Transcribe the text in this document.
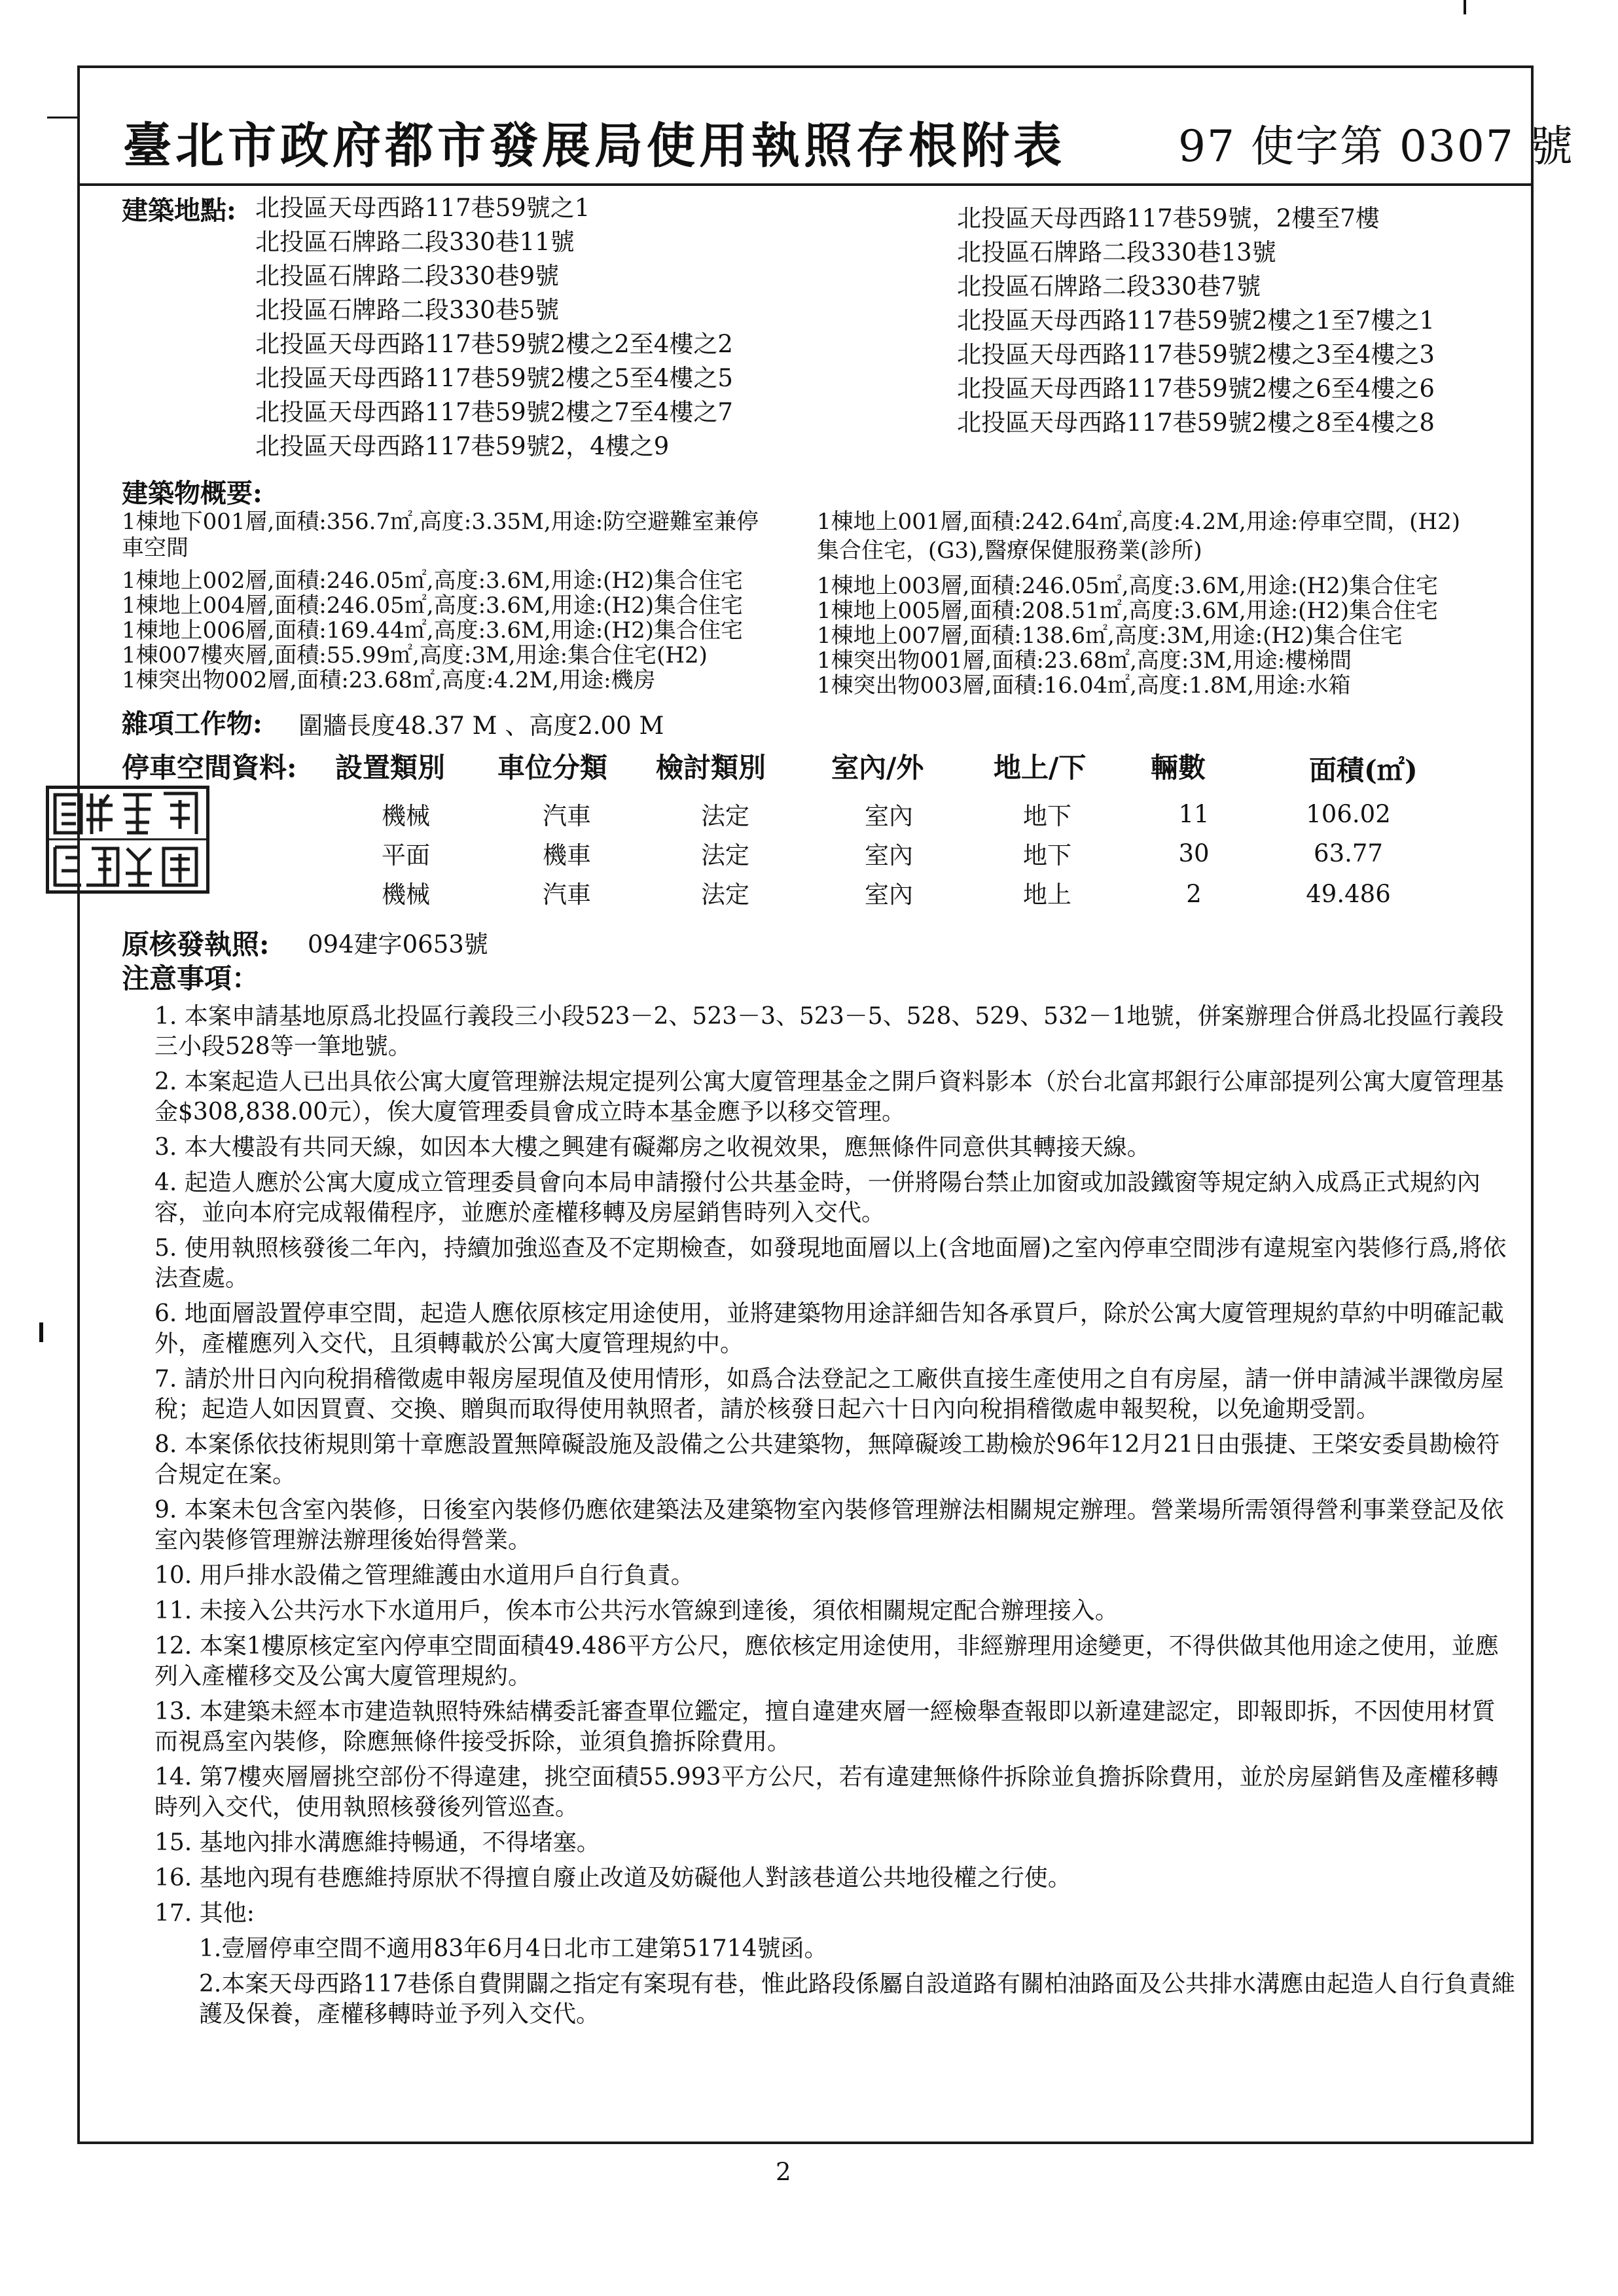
臺北市政府都市發展局使用執照存根附表	97 使字第 0307 號
建築地點: 北投區天母西路117巷59號之1
北投區石牌路二段330巷11號
北投區石牌路二段330巷9號
北投區石牌路二段330巷5號
北投區天母西路117巷59號2樓之2至4樓之2
北投區天母西路117巷59號2樓之5至4樓之5
北投區天母西路117巷59號2樓之7至4樓之7
北投區天母西路117巷59號2，4樓之9
北投區天母西路117巷59號，2樓至7樓
北投區石牌路二段330巷13號
北投區石牌路二段330巷7號
北投區天母西路117巷59號2樓之1至7樓之1
北投區天母西路117巷59號2樓之3至4樓之3
北投區天母西路117巷59號2樓之6至4樓之6
北投區天母西路117巷59號2樓之8至4樓之8
建築物概要:
1棟地下001層,面積:356.7㎡,高度:3.35M,用途:防空避難室兼停	1棟地上001層,面積:242.64㎡,高度:4.2M,用途:停車空間，(H2)
車空間	集合住宅，(G3),醫療保健服務業(診所)
1棟地上002層,面積:246.05㎡,高度:3.6M,用途:(H2)集合住宅
1棟地上004層,面積:246.05㎡,高度:3.6M,用途:(H2)集合住宅
1棟地上006層,面積:169.44㎡,高度:3.6M,用途:(H2)集合住宅
1棟007樓夾層,面積:55.99㎡,高度:3M,用途:集合住宅(H2)
1棟突出物002層,面積:23.68㎡,高度:4.2M,用途:機房
1棟地上003層,面積:246.05㎡,高度:3.6M,用途:(H2)集合住宅
1棟地上005層,面積:208.51㎡,高度:3.6M,用途:(H2)集合住宅
1棟地上007層,面積:138.6㎡,高度:3M,用途:(H2)集合住宅
1棟突出物001層,面積:23.68㎡,高度:3M,用途:樓梯間
1棟突出物003層,面積:16.04㎡,高度:1.8M,用途:水箱
雜項工作物: 圍牆長度48.37 M 、高度2.00 M
停車空間資料: 設置類別 車位分類 檢討類別 室內/外	地上/下 輛數	面積(㎡)
機械	汽車	法定	室內	地下	11	106.02
平面	機車	法定	室內	地下	30	63.77
機械	汽車	法定	室內	地上	2	49.486
原核發執照: 094建字0653號
注意事項：
1. 本案申請基地原爲北投區行義段三小段523－2、523－3、523－5、528、529、532－1地號，併案辦理合併爲北投區行義段三小段528等一筆地號。
2. 本案起造人已出具依公寓大廈管理辦法規定提列公寓大廈管理基金之開戶資料影本（於台北富邦銀行公庫部提列公寓大廈管理基金$308,838.00元），俟大廈管理委員會成立時本基金應予以移交管理。
3. 本大樓設有共同天線，如因本大樓之興建有礙鄰房之收視效果，應無條件同意供其轉接天線。
4. 起造人應於公寓大廈成立管理委員會向本局申請撥付公共基金時，一併將陽台禁止加窗或加設鐵窗等規定納入成爲正式規約內容，並向本府完成報備程序，並應於產權移轉及房屋銷售時列入交代。
5. 使用執照核發後二年內，持續加強巡查及不定期檢查，如發現地面層以上(含地面層)之室內停車空間涉有違規室內裝修行爲,將依法查處。
6. 地面層設置停車空間，起造人應依原核定用途使用，並將建築物用途詳細告知各承買戶，除於公寓大廈管理規約草約中明確記載外，產權應列入交代，且須轉載於公寓大廈管理規約中。
7. 請於卅日內向稅捐稽徵處申報房屋現值及使用情形，如爲合法登記之工廠供直接生產使用之自有房屋，請一併申請減半課徵房屋稅；起造人如因買賣、交換、贈與而取得使用執照者，請於核發日起六十日內向稅捐稽徵處申報契稅，以免逾期受罰。
8. 本案係依技術規則第十章應設置無障礙設施及設備之公共建築物，無障礙竣工勘檢於96年12月21日由張捷、王棨安委員勘檢符合規定在案。
9. 本案未包含室內裝修，日後室內裝修仍應依建築法及建築物室內裝修管理辦法相關規定辦理。營業場所需領得營利事業登記及依室內裝修管理辦法辦理後始得營業。
10. 用戶排水設備之管理維護由水道用戶自行負責。
11. 未接入公共污水下水道用戶，俟本市公共污水管線到達後，須依相關規定配合辦理接入。
12. 本案1樓原核定室內停車空間面積49.486平方公尺，應依核定用途使用，非經辦理用途變更，不得供做其他用途之使用，並應列入產權移交及公寓大廈管理規約。
13. 本建築未經本市建造執照特殊結構委託審查單位鑑定，擅自違建夾層一經檢舉查報即以新違建認定，即報即拆，不因使用材質而視爲室內裝修，除應無條件接受拆除，並須負擔拆除費用。
14. 第7樓夾層層挑空部份不得違建，挑空面積55.993平方公尺，若有違建無條件拆除並負擔拆除費用，並於房屋銷售及產權移轉時列入交代，使用執照核發後列管巡查。
15. 基地內排水溝應維持暢通，不得堵塞。
16. 基地內現有巷應維持原狀不得擅自廢止改道及妨礙他人對該巷道公共地役權之行使。
17. 其他:
1.壹層停車空間不適用83年6月4日北市工建第51714號函。
2.本案天母西路117巷係自費開闢之指定有案現有巷，惟此路段係屬自設道路有關柏油路面及公共排水溝應由起造人自行負責維護及保養，產權移轉時並予列入交代。
2
